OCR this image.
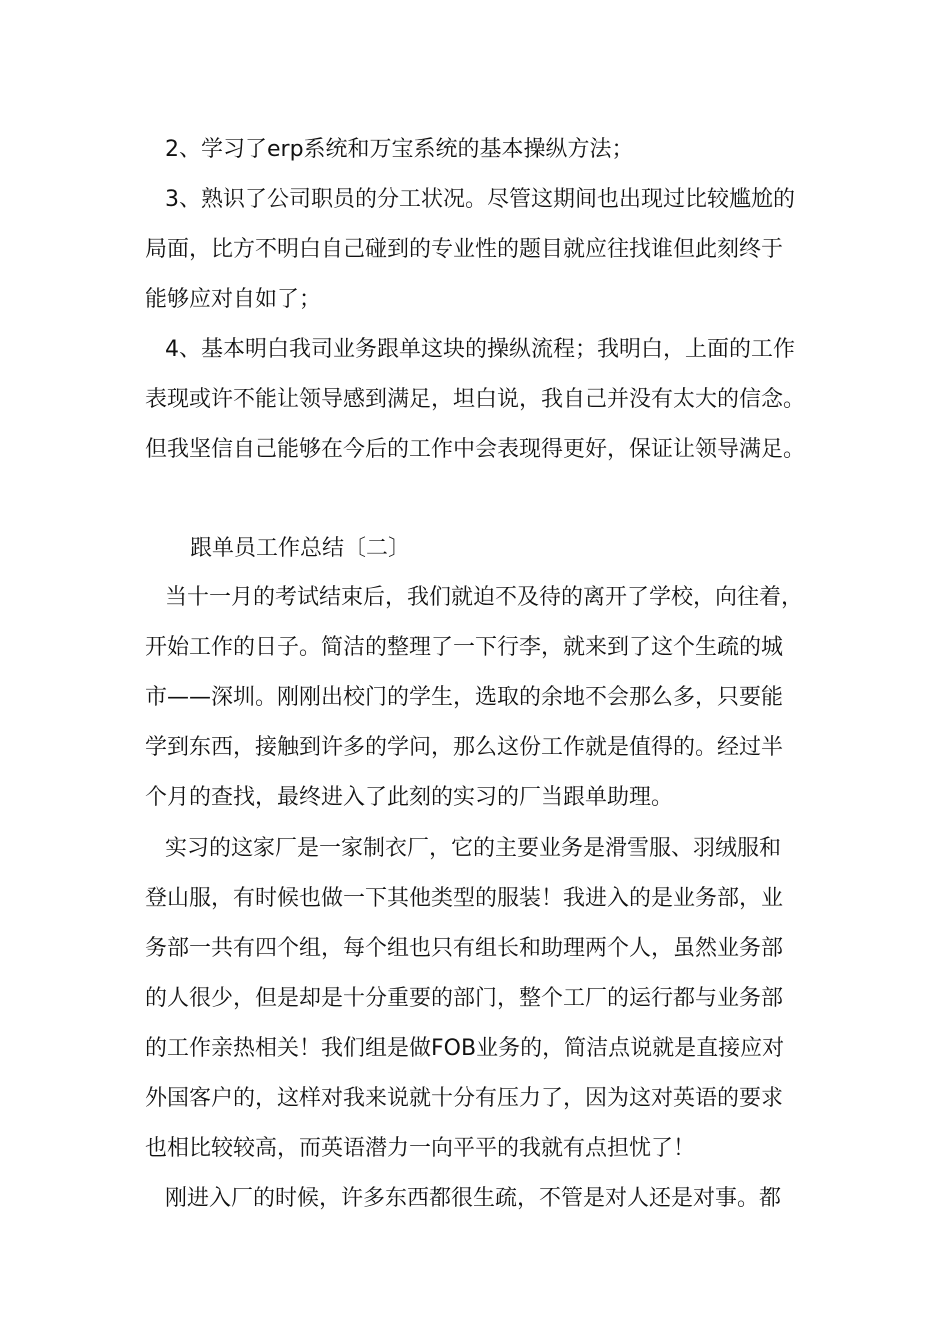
2、学习了erp系统和万宝系统的基本操纵方法；
3、熟识了公司职员的分工状况。尽管这期间也出现过比较尴尬的
局面，比方不明白自己碰到的专业性的题目就应往找谁但此刻终于
能够应对自如了；
4、基本明白我司业务跟单这块的操纵流程；我明白，上面的工作
表现或许不能让领导感到满足，坦白说，我自己并没有太大的信念。
但我坚信自己能够在今后的工作中会表现得更好，保证让领导满足。
跟单员工作总结〔二〕
当十一月的考试结束后，我们就迫不及待的离开了学校，向往着，
开始工作的日子。简洁的整理了一下行李，就来到了这个生疏的城
市——深圳。刚刚出校门的学生，选取的余地不会那么多，只要能
学到东西，接触到许多的学问，那么这份工作就是值得的。经过半
个月的查找，最终进入了此刻的实习的厂当跟单助理。
实习的这家厂是一家制衣厂，它的主要业务是滑雪服、羽绒服和
登山服，有时候也做一下其他类型的服装！我进入的是业务部，业
务部一共有四个组，每个组也只有组长和助理两个人，虽然业务部
的人很少，但是却是十分重要的部门，整个工厂的运行都与业务部
的工作亲热相关！我们组是做FOB业务的，简洁点说就是直接应对
外国客户的，这样对我来说就十分有压力了，因为这对英语的要求
也相比较较高，而英语潜力一向平平的我就有点担忧了！
刚进入厂的时候，许多东西都很生疏，不管是对人还是对事。都
